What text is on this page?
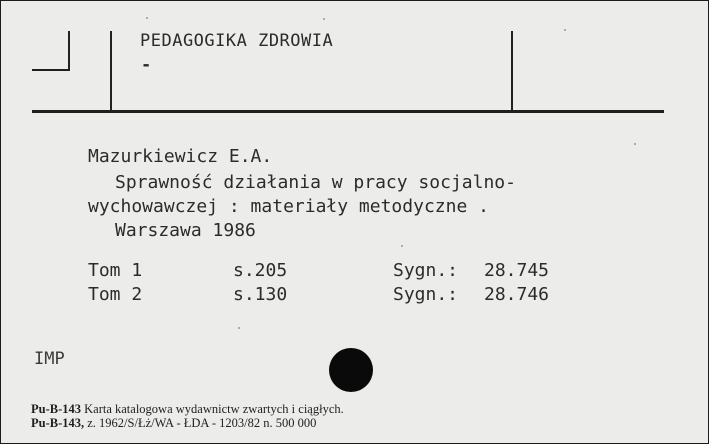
PEDAGOGIKA ZDROWIA
-
Mazurkiewicz E.A.
Sprawność działania w pracy socjalno-
wychowawczej : materiały metodyczne .
Warszawa 1986
Tom 1	s.205	Sygn.: 28.745
Tom 2	s.130	Sygn.: 28.746
IMP
Pu-B-143 Karta katalogowa wydawnictw zwartych i ciągłych.
Pu-B-143, z. 1962/S/Łż/WA - ŁDA - 1203/82 n. 500 000
